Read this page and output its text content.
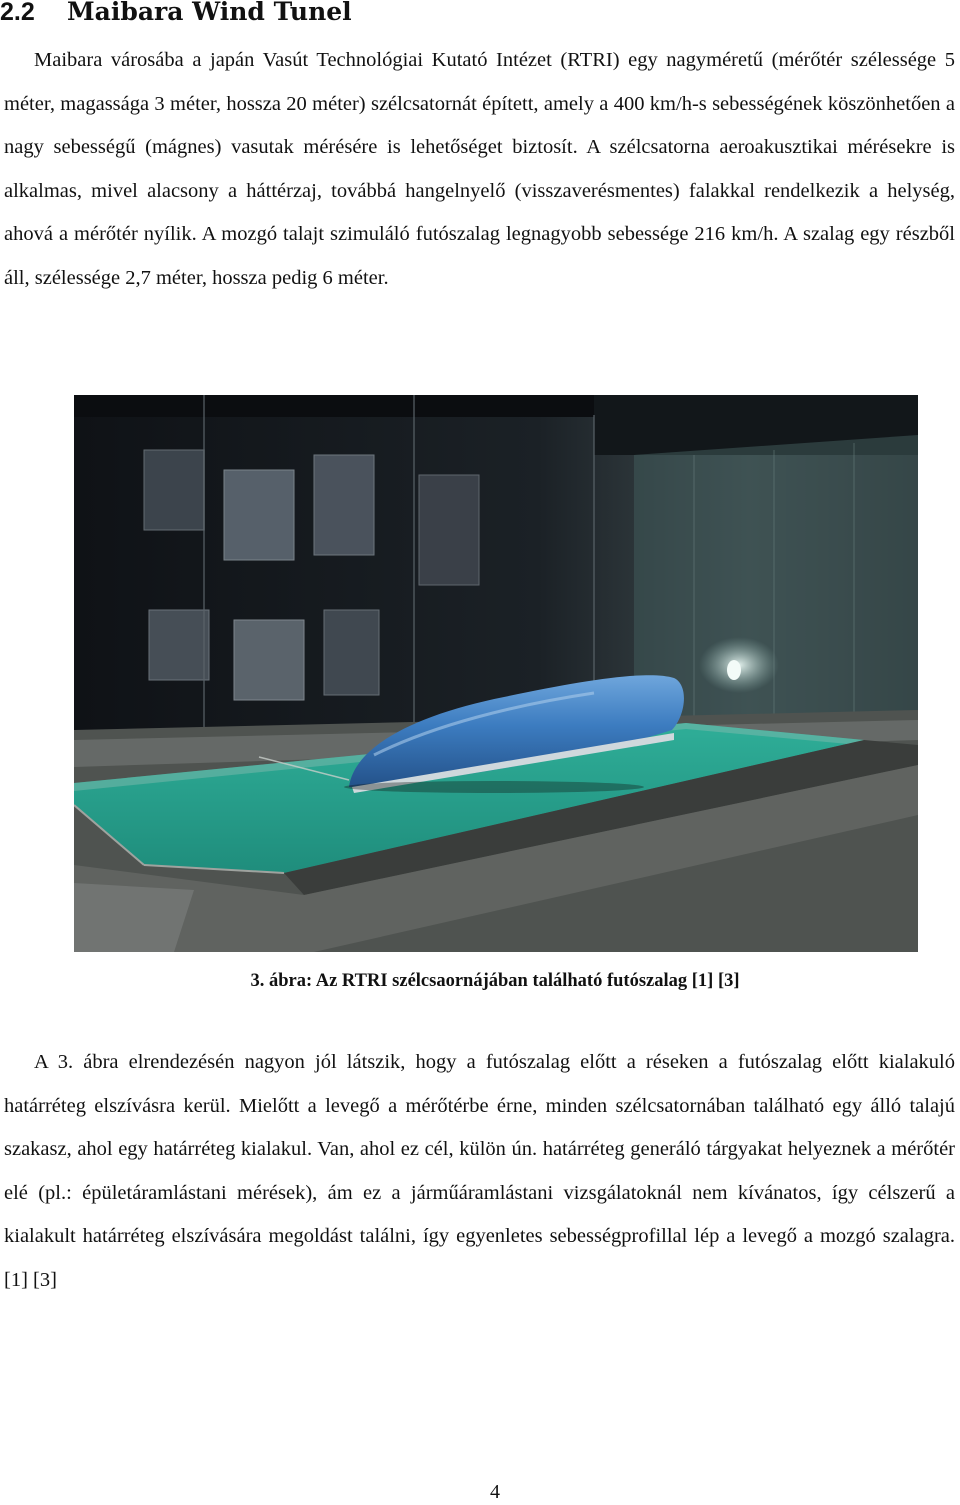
2.2 Maibara Wind Tunel

Maibara városába a japán Vasút Technológiai Kutató Intézet (RTRI) egy nagyméretű (mérőtér szélessége 5 méter, magassága 3 méter, hossza 20 méter) szélcsatornát épített, amely a 400 km/h-s sebességének köszönhetően a nagy sebességű (mágnes) vasutak mérésére is lehetőséget biztosít. A szélcsatorna aeroakusztikai mérésekre is alkalmas, mivel alacsony a háttérzaj, továbbá hangelnyelő (visszaverésmentes) falakkal rendelkezik a helység, ahová a mérőtér nyílik. A mozgó talajt szimuláló futószalag legnagyobb sebessége 216 km/h. A szalag egy részből áll, szélessége 2,7 méter, hossza pedig 6 méter.

3. ábra: Az RTRI szélcsaornájában található futószalag [1] [3]

A 3. ábra elrendezésén nagyon jól látszik, hogy a futószalag előtt a réseken a futószalag előtt kialakuló határréteg elszívásra kerül. Mielőtt a levegő a mérőtérbe érne, minden szélcsatornában található egy álló talajú szakasz, ahol egy határréteg kialakul. Van, ahol ez cél, külön ún. határréteg generáló tárgyakat helyeznek a mérőtér elé (pl.: épületáramlástani mérések), ám ez a járműáramlástani vizsgálatoknál nem kívánatos, így célszerű a kialakult határréteg elszívására megoldást találni, így egyenletes sebességprofillal lép a levegő a mozgó szalagra. [1] [3]

4
